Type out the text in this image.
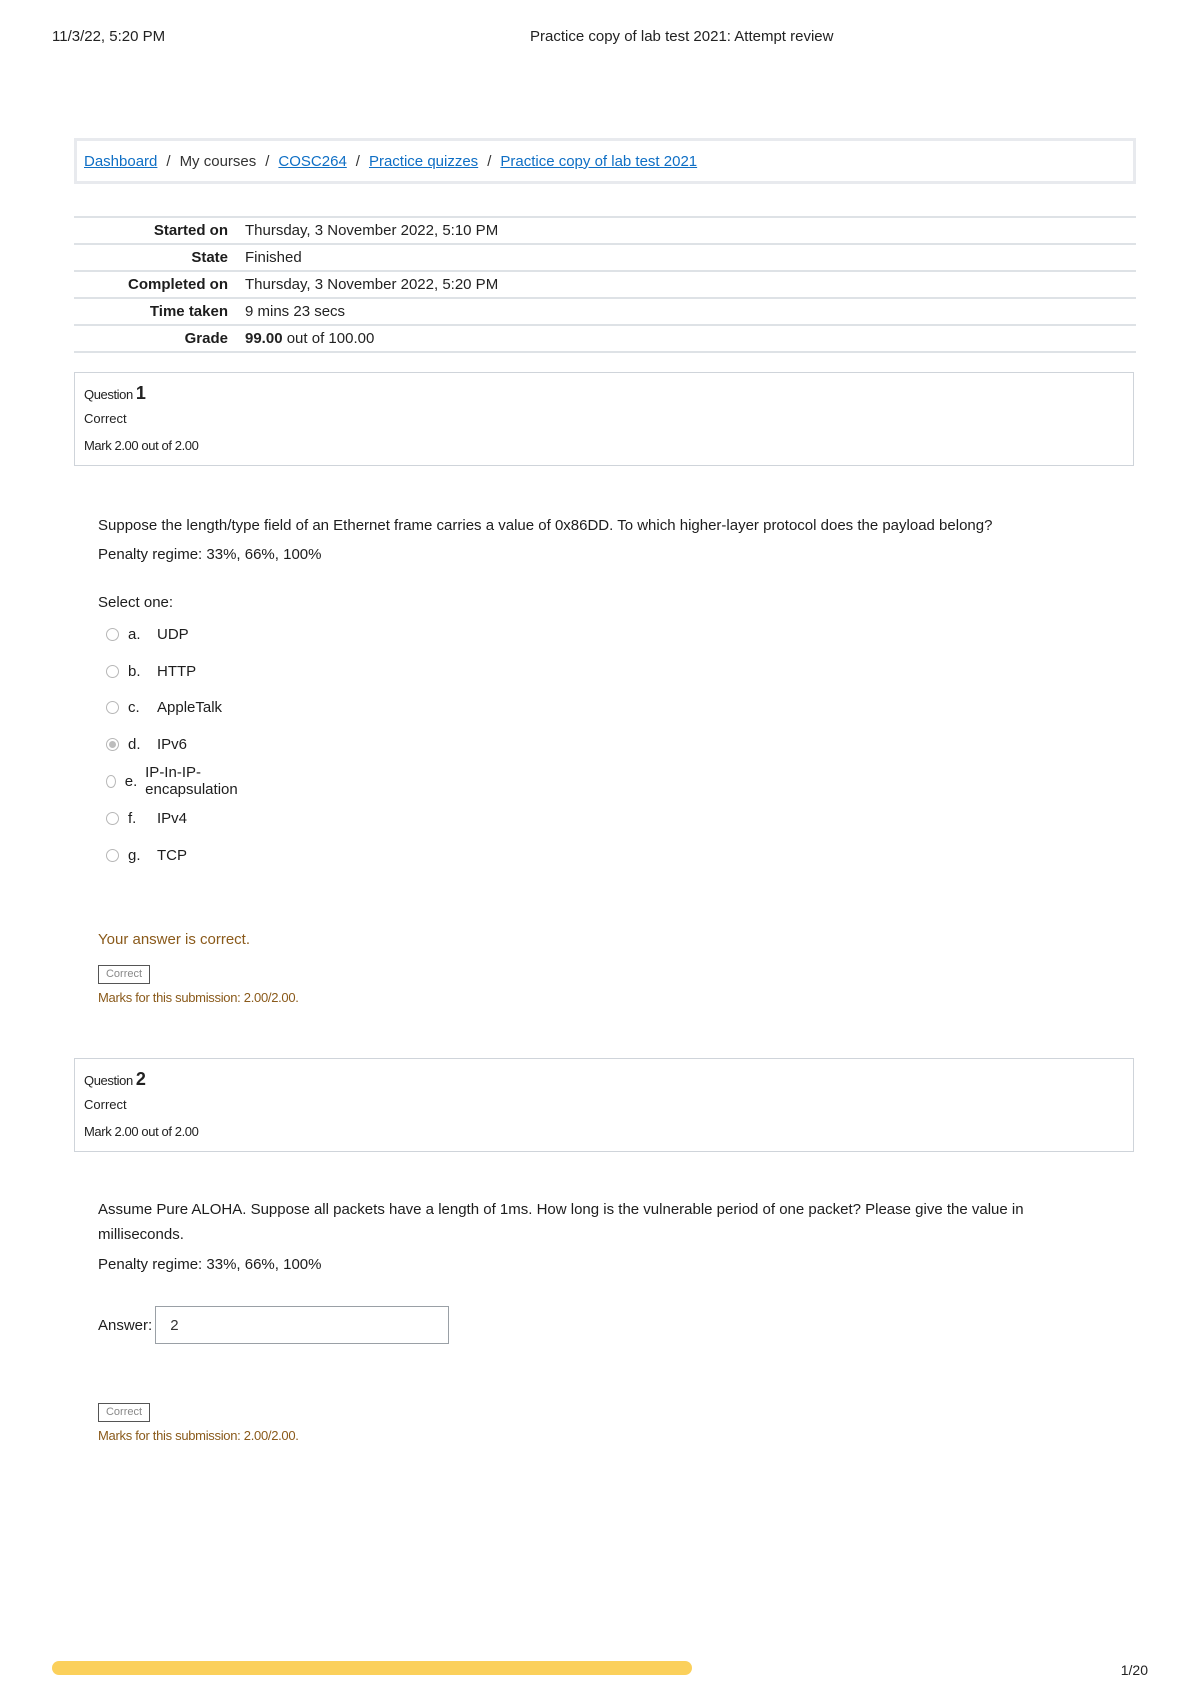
11/3/22, 5:20 PM	Practice copy of lab test 2021: Attempt review
Dashboard / My courses / COSC264 / Practice quizzes / Practice copy of lab test 2021
Started on	Thursday, 3 November 2022, 5:10 PM
State	Finished
Completed on	Thursday, 3 November 2022, 5:20 PM
Time taken	9 mins 23 secs
Grade	99.00 out of 100.00
Question 1
Correct
Mark 2.00 out of 2.00
Suppose the length/type field of an Ethernet frame carries a value of 0x86DD. To which higher-layer protocol does the payload belong?
Penalty regime: 33%, 66%, 100%
Select one:
a.	UDP
b.	HTTP
c.	AppleTalk
d.	IPv6
e. IP-In-IP-encapsulation
f.	IPv4
g.	TCP
Your answer is correct.
Correct
Marks for this submission: 2.00/2.00.
Question 2
Correct
Mark 2.00 out of 2.00
Assume Pure ALOHA. Suppose all packets have a length of 1ms. How long is the vulnerable period of one packet? Please give the value in milliseconds.
Penalty regime: 33%, 66%, 100%
Answer:
2
Correct
Marks for this submission: 2.00/2.00.
1/20
